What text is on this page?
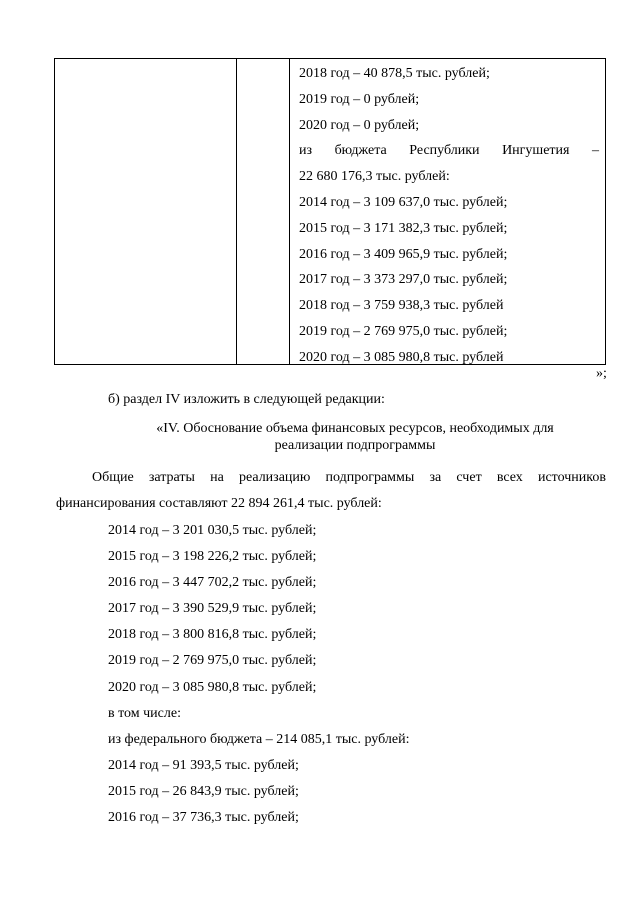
2018 год – 40 878,5 тыс. рублей;
2019 год – 0 рублей;
2020 год – 0 рублей;
из бюджета Республики Ингушетия –
22 680 176,3 тыс. рублей:
2014 год – 3 109 637,0 тыс. рублей;
2015 год – 3 171 382,3 тыс. рублей;
2016 год – 3 409 965,9 тыс. рублей;
2017 год – 3 373 297,0 тыс. рублей;
2018 год – 3 759 938,3 тыс. рублей
2019 год – 2 769 975,0 тыс. рублей;
2020 год – 3 085 980,8 тыс. рублей
»;
б) раздел IV изложить в следующей редакции:
«IV. Обоснование объема финансовых ресурсов, необходимых для
реализации подпрограммы
Общие затраты на реализацию подпрограммы за счет всех источников
финансирования составляют 22 894 261,4 тыс. рублей:
2014 год – 3 201 030,5 тыс. рублей;
2015 год – 3 198 226,2 тыс. рублей;
2016 год – 3 447 702,2 тыс. рублей;
2017 год – 3 390 529,9 тыс. рублей;
2018 год – 3 800 816,8 тыс. рублей;
2019 год – 2 769 975,0 тыс. рублей;
2020 год – 3 085 980,8 тыс. рублей;
в том числе:
из федерального бюджета – 214 085,1 тыс. рублей:
2014 год – 91 393,5 тыс. рублей;
2015 год – 26 843,9 тыс. рублей;
2016 год – 37 736,3 тыс. рублей;
